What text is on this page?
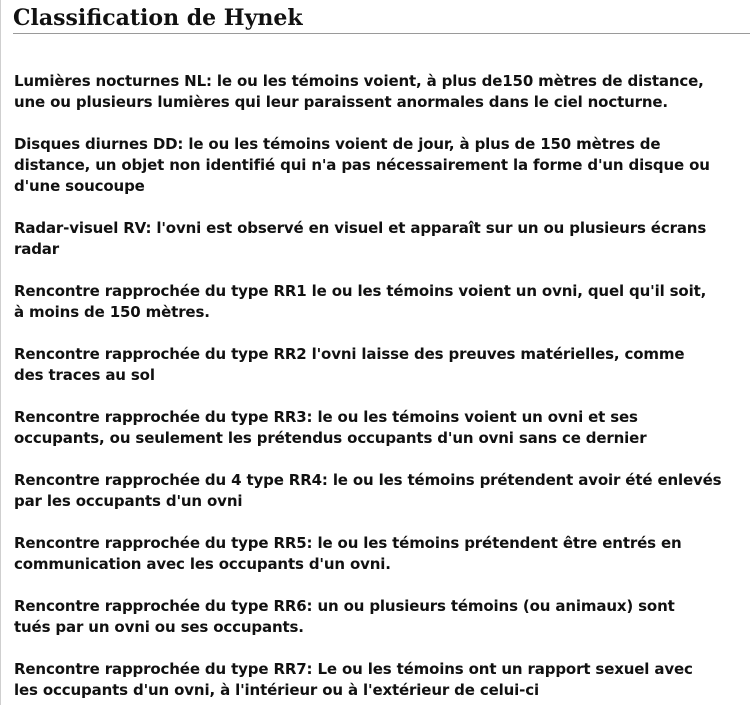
Classification de Hynek
Lumières nocturnes NL: le ou les témoins voient, à plus de150 mètres de distance,
une ou plusieurs lumières qui leur paraissent anormales dans le ciel nocturne.
Disques diurnes DD: le ou les témoins voient de jour, à plus de 150 mètres de
distance, un objet non identifié qui n'a pas nécessairement la forme d'un disque ou
d'une soucoupe
Radar-visuel RV: l'ovni est observé en visuel et apparaît sur un ou plusieurs écrans
radar
Rencontre rapprochée du type RR1 le ou les témoins voient un ovni, quel qu'il soit,
à moins de 150 mètres.
Rencontre rapprochée du type RR2 l'ovni laisse des preuves matérielles, comme
des traces au sol
Rencontre rapprochée du type RR3: le ou les témoins voient un ovni et ses
occupants, ou seulement les prétendus occupants d'un ovni sans ce dernier
Rencontre rapprochée du 4 type RR4: le ou les témoins prétendent avoir été enlevés
par les occupants d'un ovni
Rencontre rapprochée du type RR5: le ou les témoins prétendent être entrés en
communication avec les occupants d'un ovni.
Rencontre rapprochée du type RR6: un ou plusieurs témoins (ou animaux) sont
tués par un ovni ou ses occupants.
Rencontre rapprochée du type RR7: Le ou les témoins ont un rapport sexuel avec
les occupants d'un ovni, à l'intérieur ou à l'extérieur de celui-ci
